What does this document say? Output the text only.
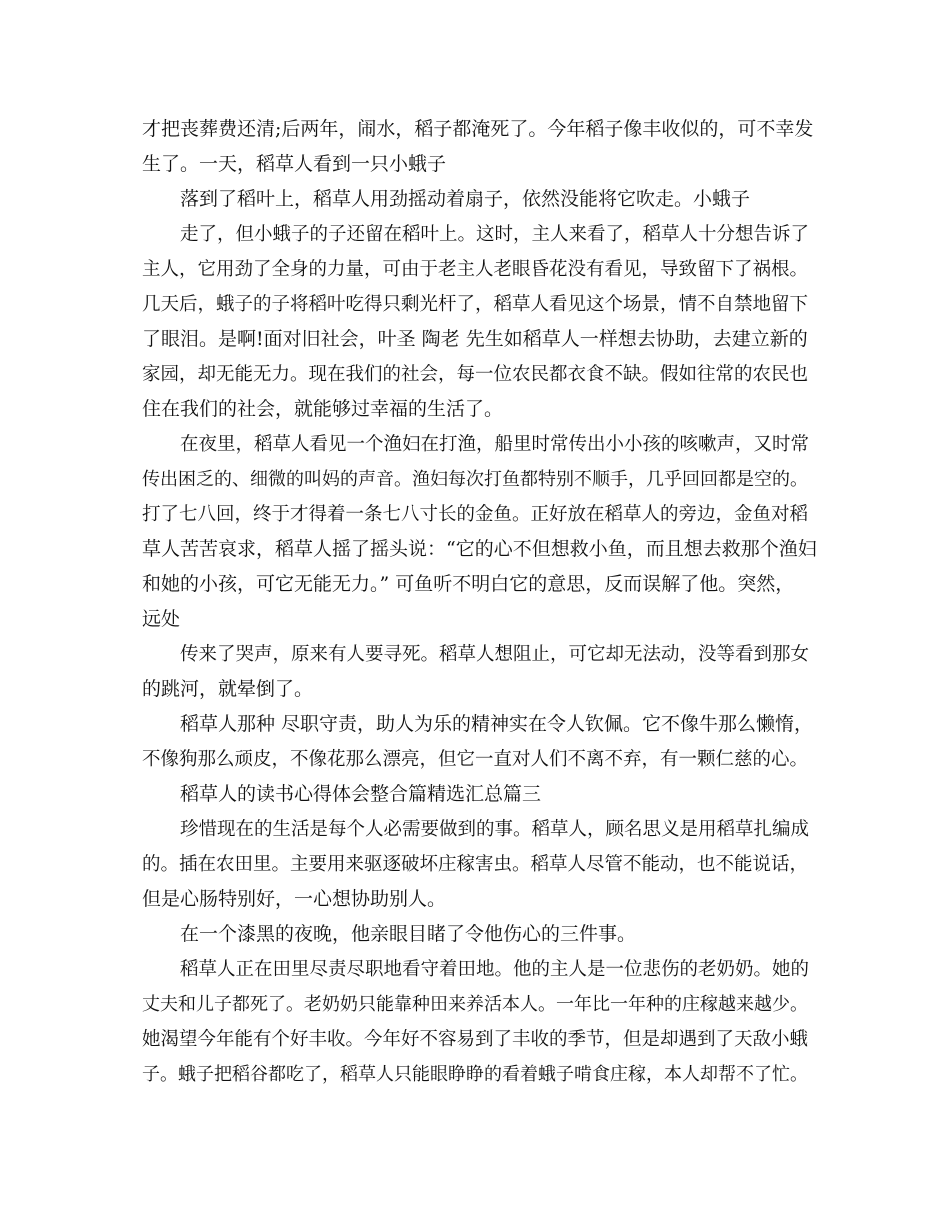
才把丧葬费还清;后两年，闹水，稻子都淹死了。今年稻子像丰收似的，可不幸发
生了。一天，稻草人看到一只小蛾子
落到了稻叶上，稻草人用劲摇动着扇子，依然没能将它吹走。小蛾子
走了，但小蛾子的子还留在稻叶上。这时，主人来看了，稻草人十分想告诉了
主人，它用劲了全身的力量，可由于老主人老眼昏花没有看见，导致留下了祸根。
几天后，蛾子的子将稻叶吃得只剩光杆了，稻草人看见这个场景，情不自禁地留下
了眼泪。是啊!面对旧社会，叶圣 陶老 先生如稻草人一样想去协助，去建立新的
家园，却无能无力。现在我们的社会，每一位农民都衣食不缺。假如往常的农民也
住在我们的社会，就能够过幸福的生活了。
在夜里，稻草人看见一个渔妇在打渔，船里时常传出小小孩的咳嗽声，又时常
传出困乏的、细微的叫妈的声音。渔妇每次打鱼都特别不顺手，几乎回回都是空的。
打了七八回，终于才得着一条七八寸长的金鱼。正好放在稻草人的旁边，金鱼对稻
草人苦苦哀求，稻草人摇了摇头说：“它的心不但想救小鱼，而且想去救那个渔妇
和她的小孩，可它无能无力。” 可鱼听不明白它的意思，反而误解了他。突然，
远处
传来了哭声，原来有人要寻死。稻草人想阻止，可它却无法动，没等看到那女
的跳河，就晕倒了。
稻草人那种 尽职守责，助人为乐的精神实在令人钦佩。它不像牛那么懒惰，
不像狗那么顽皮，不像花那么漂亮，但它一直对人们不离不弃，有一颗仁慈的心。
稻草人的读书心得体会整合篇精选汇总篇三
珍惜现在的生活是每个人必需要做到的事。稻草人，顾名思义是用稻草扎编成
的。插在农田里。主要用来驱逐破坏庄稼害虫。稻草人尽管不能动，也不能说话，
但是心肠特别好，一心想协助别人。
在一个漆黑的夜晚，他亲眼目睹了令他伤心的三件事。
稻草人正在田里尽责尽职地看守着田地。他的主人是一位悲伤的老奶奶。她的
丈夫和儿子都死了。老奶奶只能靠种田来养活本人。一年比一年种的庄稼越来越少。
她渴望今年能有个好丰收。今年好不容易到了丰收的季节，但是却遇到了天敌小蛾
子。蛾子把稻谷都吃了，稻草人只能眼睁睁的看着蛾子啃食庄稼，本人却帮不了忙。
